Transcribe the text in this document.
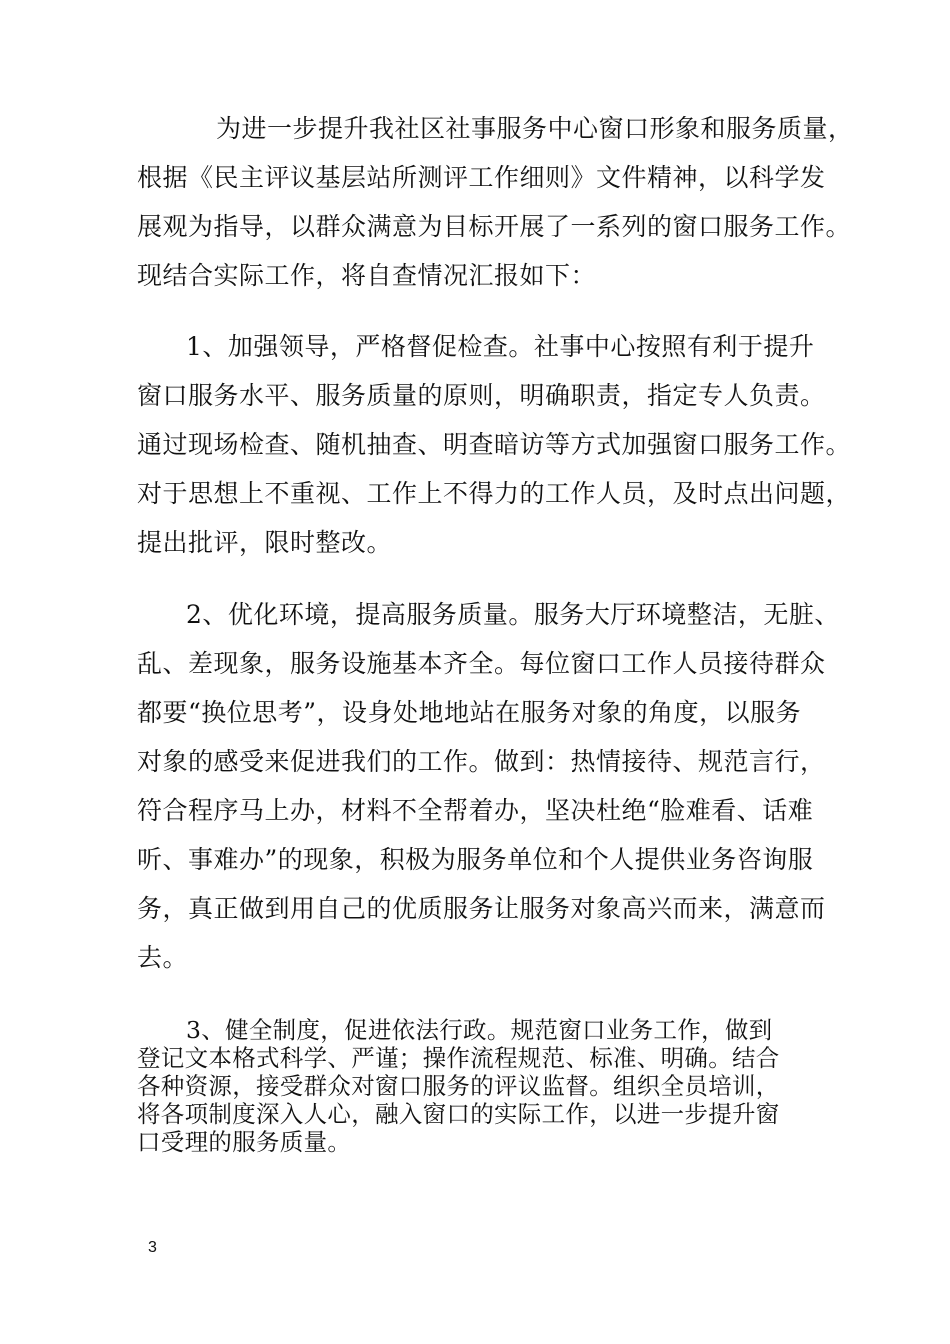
为进一步提升我社区社事服务中心窗口形象和服务质量，

根据《民主评议基层站所测评工作细则》文件精神，以科学发

展观为指导，以群众满意为目标开展了一系列的窗口服务工作。

现结合实际工作，将自查情况汇报如下：

1、加强领导，严格督促检查。社事中心按照有利于提升

窗口服务水平、服务质量的原则，明确职责，指定专人负责。

通过现场检查、随机抽查、明查暗访等方式加强窗口服务工作。

对于思想上不重视、工作上不得力的工作人员，及时点出问题，

提出批评，限时整改。

2、优化环境，提高服务质量。服务大厅环境整洁，无脏、

乱、差现象，服务设施基本齐全。每位窗口工作人员接待群众

都要“换位思考”，设身处地地站在服务对象的角度，以服务

对象的感受来促进我们的工作。做到：热情接待、规范言行，

符合程序马上办，材料不全帮着办，坚决杜绝“脸难看、话难

听、事难办”的现象，积极为服务单位和个人提供业务咨询服

务，真正做到用自己的优质服务让服务对象高兴而来，满意而

去。

3、健全制度，促进依法行政。规范窗口业务工作，做到

登记文本格式科学、严谨；操作流程规范、标准、明确。结合

各种资源，接受群众对窗口服务的评议监督。组织全员培训，

将各项制度深入人心，融入窗口的实际工作，以进一步提升窗

口受理的服务质量。

3
